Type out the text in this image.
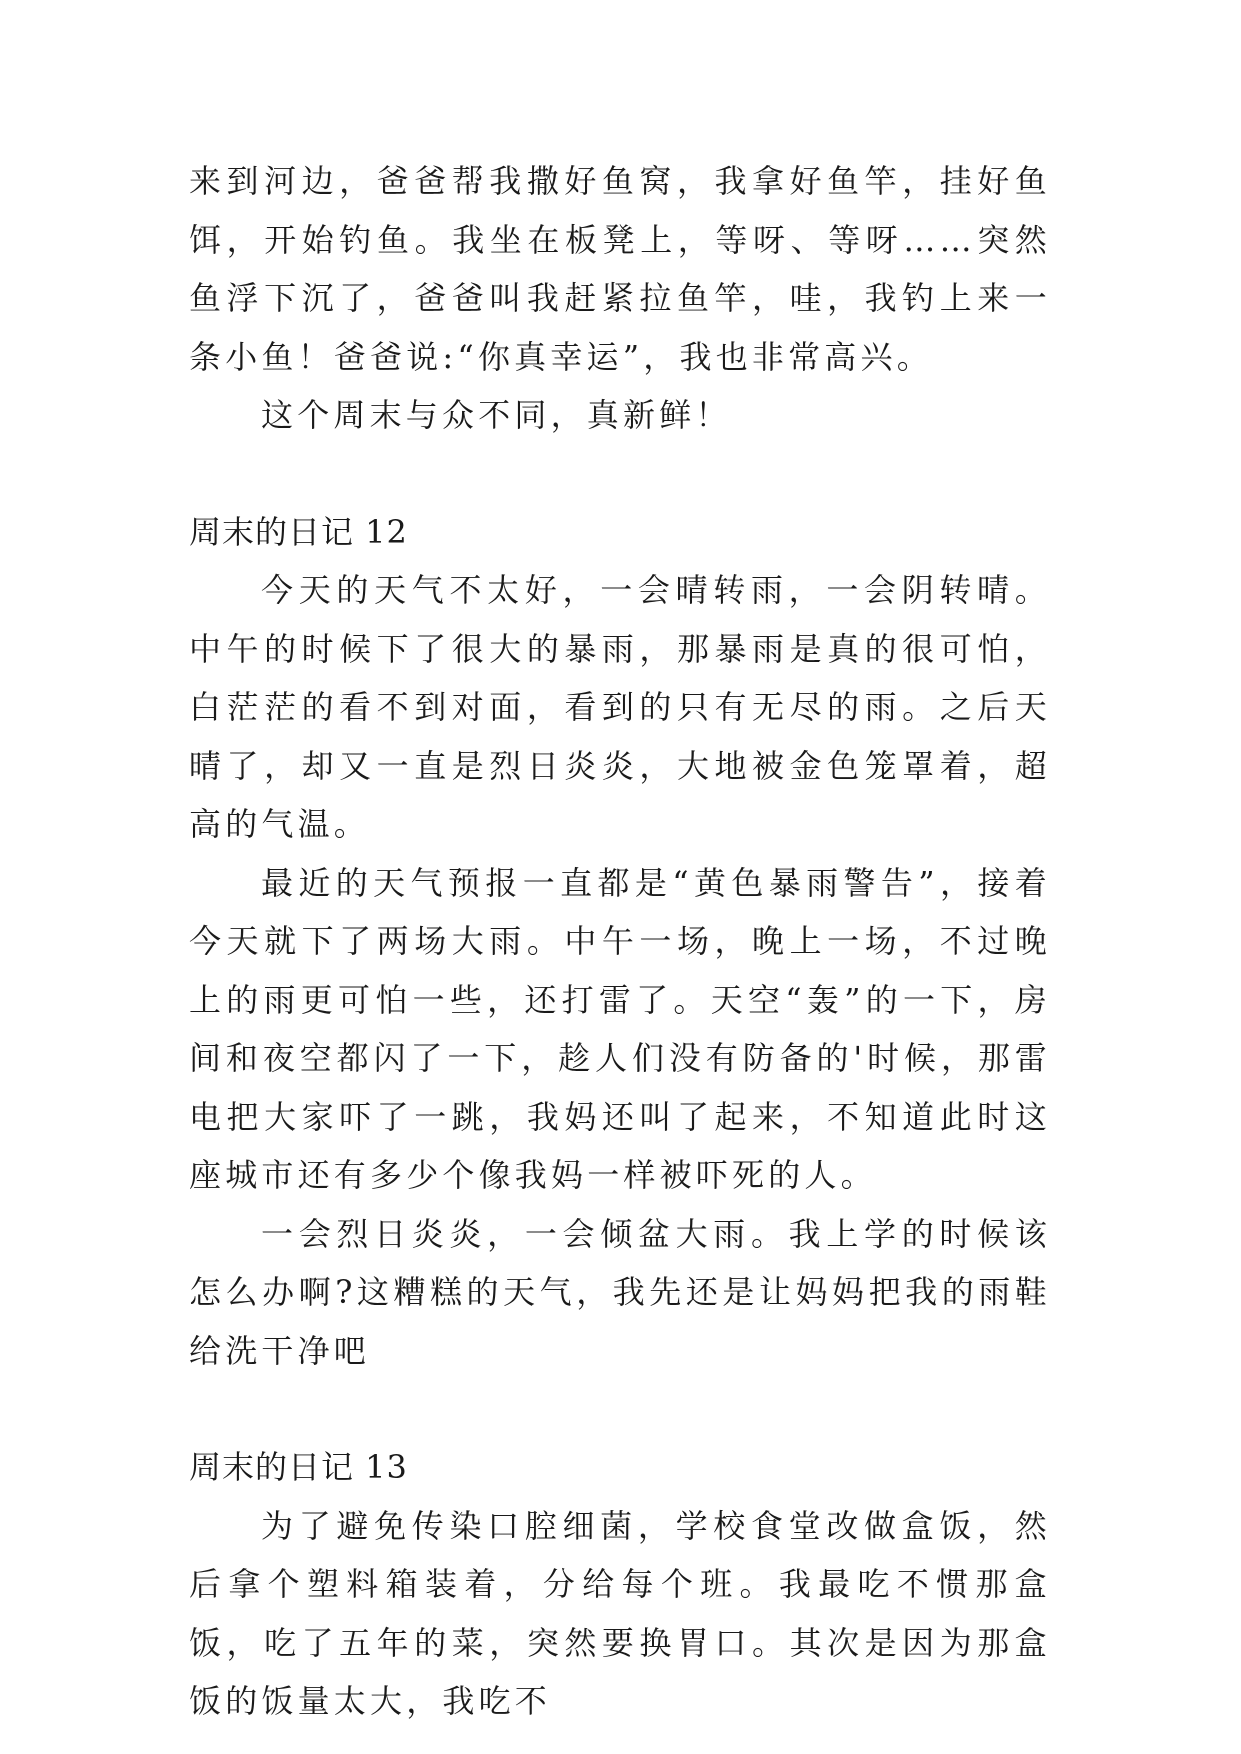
来到河边，爸爸帮我撒好鱼窝，我拿好鱼竿，挂好鱼饵，开始钓鱼。我坐在板凳上，等呀、等呀……突然鱼浮下沉了，爸爸叫我赶紧拉鱼竿，哇，我钓上来一条小鱼！爸爸说:“你真幸运”，我也非常高兴。

这个周末与众不同，真新鲜！

周末的日记 12

今天的天气不太好，一会晴转雨，一会阴转晴。中午的时候下了很大的暴雨，那暴雨是真的很可怕，白茫茫的看不到对面，看到的只有无尽的雨。之后天晴了，却又一直是烈日炎炎，大地被金色笼罩着，超高的气温。

最近的天气预报一直都是“黄色暴雨警告”，接着今天就下了两场大雨。中午一场，晚上一场，不过晚上的雨更可怕一些，还打雷了。天空“轰”的一下，房间和夜空都闪了一下，趁人们没有防备的'时候，那雷电把大家吓了一跳，我妈还叫了起来，不知道此时这座城市还有多少个像我妈一样被吓死的人。

一会烈日炎炎，一会倾盆大雨。我上学的时候该怎么办啊?这糟糕的天气，我先还是让妈妈把我的雨鞋给洗干净吧

周末的日记 13

为了避免传染口腔细菌，学校食堂改做盒饭，然后拿个塑料箱装着，分给每个班。我最吃不惯那盒饭，吃了五年的菜，突然要换胃口。其次是因为那盒饭的饭量太大，我吃不
